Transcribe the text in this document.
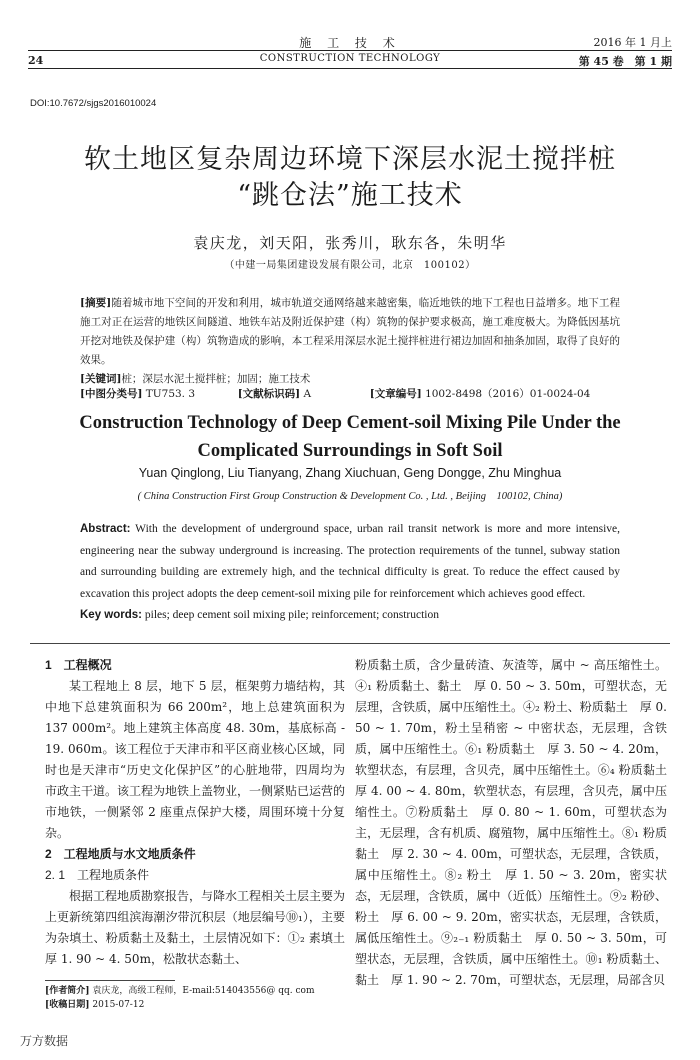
24
施 工 技 术
CONSTRUCTION TECHNOLOGY
2016 年 1 月上
第 45 卷　第 1 期
DOI:10.7672/sjgs2016010024
软土地区复杂周边环境下深层水泥土搅拌桩
“跳仓法”施工技术
袁庆龙，刘天阳，张秀川，耿东各，朱明华
（中建一局集团建设发展有限公司，北京　100102）
[摘要]随着城市地下空间的开发和利用，城市轨道交通网络越来越密集，临近地铁的地下工程也日益增多。地下工程施工对正在运营的地铁区间隧道、地铁车站及附近保护建（构）筑物的保护要求极高，施工难度极大。为降低因基坑开挖对地铁及保护建（构）筑物造成的影响，本工程采用深层水泥土搅拌桩进行裙边加固和抽条加固，取得了良好的效果。
[关键词]桩；深层水泥土搅拌桩；加固；施工技术
[中图分类号] TU753. 3	[文献标识码] A	[文章编号] 1002-8498（2016）01-0024-04
Construction Technology of Deep Cement-soil Mixing Pile Under the
Complicated Surroundings in Soft Soil
Yuan Qinglong, Liu Tianyang, Zhang Xiuchuan, Geng Dongge, Zhu Minghua
( China Construction First Group Construction & Development Co. , Ltd. , Beijing　100102, China)
Abstract: With the development of underground space, urban rail transit network is more and more intensive, engineering near the subway underground is increasing. The protection requirements of the tunnel, subway station and surrounding building are extremely high, and the technical difficulty is great. To reduce the effect caused by excavation this project adopts the deep cement-soil mixing pile for reinforcement which achieves good effect.
Key words: piles; deep cement soil mixing pile; reinforcement; construction
1　工程概况

某工程地上 8 层，地下 5 层，框架剪力墙结构，其中地下总建筑面积为 66 200m²，地上总建筑面积为 137 000m²。地上建筑主体高度 48. 30m，基底标高 - 19. 060m。该工程位于天津市和平区商业核心区域，同时也是天津市“历史文化保护区”的心脏地带，四周均为市政主干道。该工程为地铁上盖物业，一侧紧贴已运营的市地铁，一侧紧邻 2 座重点保护大楼，周围环境十分复杂。

2　工程地质与水文地质条件
2. 1　工程地质条件

根据工程地质勘察报告，与降水工程相关土层主要为上更新统第四组滨海潮汐带沉积层（地层编号⑩₁），主要为杂填土、粉质黏土及黏土，土层情况如下：①₂ 素填土　厚 1. 90 ~ 4. 50m，松散状态黏土、

粉质黏土质，含少量砖渣、灰渣等，属中 ~ 高压缩性土。④₁ 粉质黏土、黏土　厚 0. 50 ~ 3. 50m，可塑状态，无层理，含铁质，属中压缩性土。④₂ 粉土、粉质黏土　厚 0. 50 ~ 1. 70m，粉土呈稍密 ~ 中密状态，无层理，含铁质，属中压缩性土。⑥₁ 粉质黏土　厚 3. 50 ~ 4. 20m，软塑状态，有层理，含贝壳，属中压缩性土。⑥₄ 粉质黏土　厚 4. 00 ~ 4. 80m，软塑状态，有层理，含贝壳，属中压缩性土。⑦粉质黏土　厚 0. 80 ~ 1. 60m，可塑状态为主，无层理，含有机质、腐殖物，属中压缩性土。⑧₁ 粉质黏土　厚 2. 30 ~ 4. 00m，可塑状态，无层理，含铁质，属中压缩性土。⑧₂ 粉土　厚 1. 50 ~ 3. 20m，密实状态，无层理，含铁质，属中（近低）压缩性土。⑨₂ 粉砂、粉土　厚 6. 00 ~ 9. 20m，密实状态，无层理，含铁质，属低压缩性土。⑨₂₋₁ 粉质黏土　厚 0. 50 ~ 3. 50m，可塑状态，无层理，含铁质，属中压缩性土。⑩₁ 粉质黏土、黏土　厚 1. 90 ~ 2. 70m，可塑状态，无层理，局部含贝

[作者简介] 袁庆龙，高级工程师，E-mail:514043556@ qq. com
[收稿日期] 2015-07-12
万方数据
